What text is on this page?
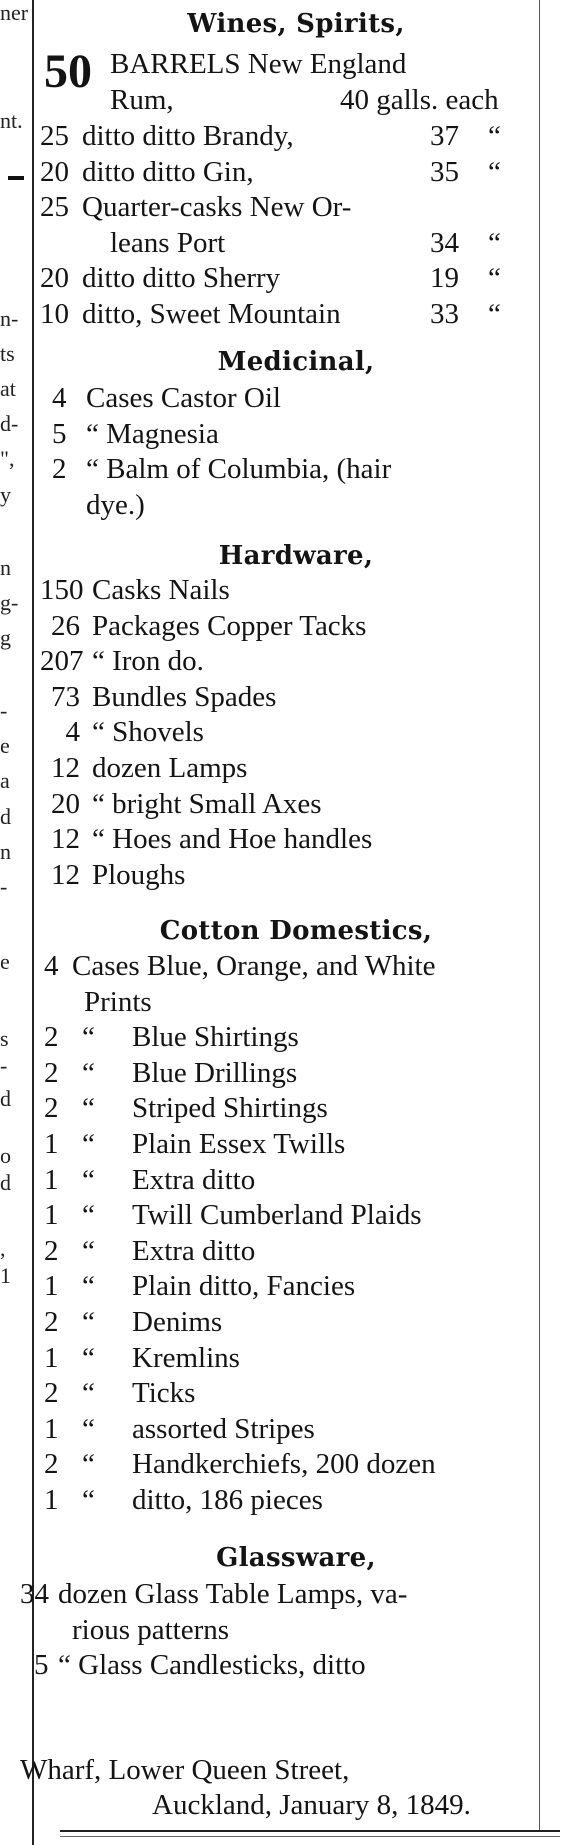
ner
nt.
n-
ts
at
d-
",
y
n
g-
g
-
e
a
d
n
-
e
s
-
d
o
d
,
1
Wines, Spirits,
50 BARRELS New England
Rum,	40 galls. each
25 ditto ditto Brandy,	37 “
20 ditto ditto Gin,	35 “
25 Quarter-casks New Or-
leans Port	34 “
20 ditto ditto Sherry	19 “
10 ditto, Sweet Mountain	33 “
Medicinal,
4 Cases Castor Oil
5 “ Magnesia
2 “ Balm of Columbia, (hair
dye.)
Hardware,
150 Casks Nails
26 Packages Copper Tacks
207 “ Iron do.
73 Bundles Spades
4 “ Shovels
12 dozen Lamps
20 “ bright Small Axes
12 “ Hoes and Hoe handles
12 Ploughs
Cotton Domestics,
4 Cases Blue, Orange, and White
Prints
2 “ Blue Shirtings
2 “ Blue Drillings
2 “ Striped Shirtings
1 “ Plain Essex Twills
1 “ Extra ditto
1 “ Twill Cumberland Plaids
2 “ Extra ditto
1 “ Plain ditto, Fancies
2 “ Denims
1 “ Kremlins
2 “ Ticks
1 “ assorted Stripes
2 “ Handkerchiefs, 200 dozen
1 “ ditto, 186 pieces
Glassware,
34 dozen Glass Table Lamps, va-
rious patterns
5 “ Glass Candlesticks, ditto
Wharf, Lower Queen Street,
Auckland, January 8, 1849.
